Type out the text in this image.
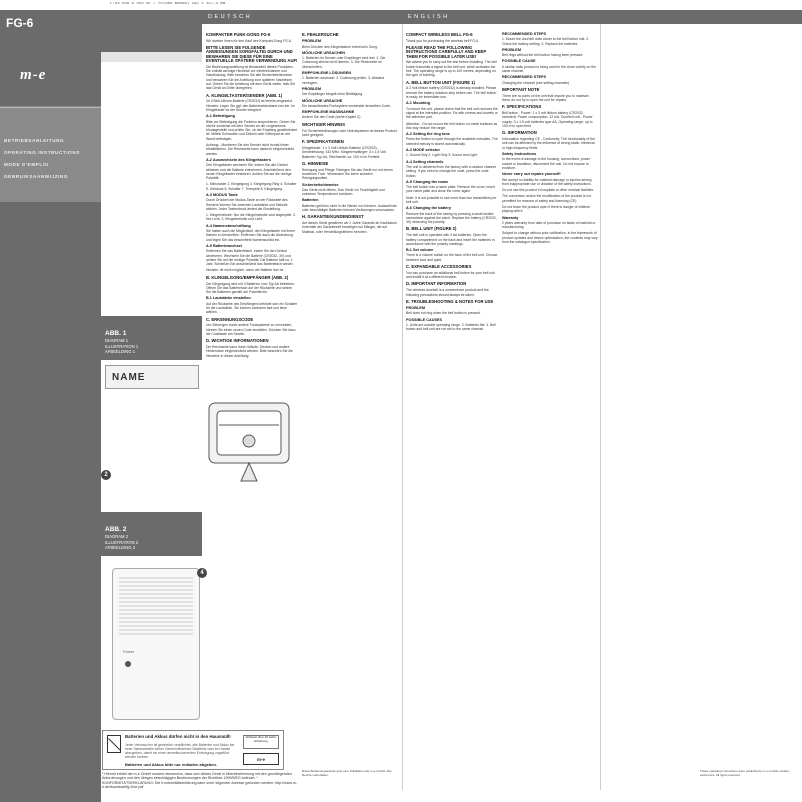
F:03 638 9 450 DE / folded manual 192 x 157,3 mm
FG-6
m-e
BETRIEBSANLEITUNG
OPERATING INSTRUCTIONS
MODE D'EMPLOI
GEBRUIKSAANWIJZING
ABB. 1
DIAGRAM 1
ILLUSTRATION 1
AFBEELDING 1
ABB. 2
DIAGRAM 2
ILLUSTRATION 2
AFBEELDING 2
NAME
2
Power
4
Batterien und Akkus dürfen nicht in den Hausmüll!
Jeder Verbraucher ist gesetzlich verpflichtet, alle Batterien und Akkus bei einer Sammelstelle seiner Gemeinde/seines Stadtteils oder im Handel abzugeben, damit sie einer umweltschonenden Entsorgung zugeführt werden können.
Batterien und Akkus bitte nur entladen abgeben.
Weltweit über 20 Jahre Erfahrung
m-e
* Hiermit erklärt die m-e GmbH modern-electronics, dass sich dieses Gerät in Übereinstimmung mit den grundlegenden Anforderungen und den übrigen einschlägigen Bestimmungen der Richtlinie 1999/5/EG befindet. * KONFORMITÄTSERKLÄRUNG: Die Konformitätserklärung kann unter folgender Adresse gefunden werden: http://www.m-e.de/download/fg-6/ce.pdf
DEUTSCH	ENGLISH
KOMPAKTER FUNK-GONG FG-6

Wir danken Ihnen für den Kauf des Kompakt-Gong FG-6.

BITTE LESEN SIE FOLGENDE ANWEISUNGEN SORGFÄLTIG DURCH UND BEWAHREN SIE DIESE FÜR EINE EVENTUELLE SPÄTERE VERWENDUNG AUF!

Die Bedienungsanleitung ist Bestandteil dieses Produktes. Sie enthält wichtige Hinweise zur Inbetriebnahme und Handhabung. Bitte beachten Sie alle Sicherheitshinweise und bewahren Sie die Anleitung zum späteren Nachlesen auf. Geben Sie die Anleitung mit dem Gerät weiter, falls Sie das Gerät an Dritte übergeben.

A. KLINGELTASTER/SENDER (ABB. 1)

Im 3 Bett-Lithium-Batterie (CR2032) ist bereits eingesetzt. Hinweis: Legen Sie ggf. den Batteriewiderstand neu ein. Im Klingeltaster ist der Sender integriert.

A.1 Befestigung

Bitte vor Befestigung die Funktion ausprobieren. Gehen Sie hierfür zunächst mit dem Sender an die vorgesehene Montagestelle und prüfen Sie, ob der Empfang gewährleistet ist. Mittels Schrauben und Dübeln oder Klebepad an der Wand befestigen.

Achtung - Montieren Sie den Sender nicht frontal hinter Metallflächen. Die Reichweite kann dadurch eingeschränkt werden.

A.2 Auswechseln des Klingeltasters

Den Klingeltaster wechseln Sie, indem Sie den Deckel abheben und die Batterie entnehmen. Anschließend den neuen Klingeltaster einsetzen. Achten Sie auf die richtige Polarität.

1. Mikrotaster 2. Klingelgong 3. Klingelgong Ring 4. Schalter 5. Gehäuse 6. Schalter 7. Trompete 8. Klingelgong

A.3 MODUS Taste

Durch Drücken der Modus-Taste an der Rückseite des Senders können Sie zwischen Lautstärke und Melodie wählen. Jeder Tastendruck ändert die Einstellung.

1. Klingelmelodie: Nur die Klingelmelodie wird abgespielt. 2. Nur Licht. 3. Klingelmelodie und Licht.

A.4 Namensbeschriftung

Sie haben auch die Möglichkeit, den Klingeltaster mit Ihrem Namen zu beschriften. Entfernen Sie dazu die Abdeckung und legen Sie das beschriftete Namensschild ein.

A.5 Batteriewechsel

Entfernen Sie das Batteriefach, indem Sie den Deckel abnehmen. Wechseln Sie die Batterie (CR2032, 3V) und achten Sie auf die richtige Polarität. Die Batterie hält ca. 1 Jahr. Schließen Sie anschließend das Batteriefach wieder.

Hinweis: Ist nicht möglich, wenn die Batterie leer ist.

B. KLINGELGONG/EMPFÄNGER (ABB. 2)

Der Klingelgong wird mit 3 Batterien vom Typ AA betrieben. Öffnen Sie das Batteriefach auf der Rückseite und setzen Sie die Batterien gemäß der Polarität ein.

B.1 Lautstärke einstellen

Auf der Rückseite des Empfängers befindet sich ein Schalter für die Lautstärke. Sie können zwischen laut und leise wählen.

C. ERKENNUNGSCODE

Um Störungen durch andere Funksysteme zu vermeiden, können Sie einen neuen Code einstellen. Drücken Sie dazu die Codetaste am Sender.

D. WICHTIGE INFORMATIONEN

Die Reichweite kann durch Wände, Decken und andere Hindernisse eingeschränkt werden. Bitte beachten Sie die Hinweise in dieser Anleitung.

E. FEHLERSUCHE
PROBLEM

Beim Drücken des Klingeltasters ertönt kein Gong.

MÖGLICHE URSACHEN

1. Batterien im Sender oder Empfänger sind leer. 2. Die Codierung stimmt nicht überein. 3. Die Reichweite ist überschritten.

EMPFOHLENE LÖSUNGEN

1. Batterien wechseln. 2. Codierung prüfen. 3. Abstand verringern.

PROBLEM

Der Empfänger klingelt ohne Betätigung.

MÖGLICHE URSACHE

Ein benachbartes Funksystem verwendet denselben Code.

EMPFOHLENE MASSNAHME

Ändern Sie den Code (siehe Kapitel C).

WICHTIGER HINWEIS

Für Sicherheitslösungen oder Notrufsysteme ist dieses Produkt nicht geeignet.

F. SPEZIFIKATIONEN

Klingeltaster: 1 x 3 Volt Lithium Batterie (CR2032), Sendeleistung: 433 MHz. Klingelempfänger: 3 x 1,5 Volt Batterien Typ AA, Reichweite: ca. 100 m im Freifeld.

G. HINWEISE

Reinigung und Pflege: Reinigen Sie das Gerät nur mit einem trockenen Tuch. Verwenden Sie keine scharfen Reinigungsmittel.

Sicherheitshinweise

Das Gerät nicht öffnen. Das Gerät vor Feuchtigkeit und extremen Temperaturen schützen.

Batterien

Batterien gehören nicht in die Hände von Kindern. Auslaufende oder beschädigte Batterien können Verätzungen verursachen.

H. GARANTIE/KUNDENDIENST

Auf dieses Gerät gewähren wir 2 Jahre Garantie ab Kaufdatum. Innerhalb der Garantiezeit beseitigen wir Mängel, die auf Material- oder Herstellungsfehlern beruhen.

COMPACT WIRELESS BELL FG-6

Thank you for purchasing the wireless bell FG-6.

PLEASE READ THE FOLLOWING INSTRUCTIONS CAREFULLY AND KEEP THEM FOR POSSIBLE LATER USE!

We advise you to carry out the test before installing. The bell button transmits a signal to the bell unit, which activates the bell. The operating range is up to 100 metres, depending on the type of building.

A. BELL BUTTON UNIT (FIGURE 1)

A 3 Volt lithium battery (CR2032) is already installed. Please remove the battery isolation strip before use. The bell button is ready for immediate use.

A.1 Mounting

To mount the unit, please check that the bell unit receives the signal at the intended position. Fix with screws and dowels or the adhesive pad.

Attention - Do not mount the bell button on metal surfaces as this may reduce the range.

A.2 Setting the ring tone

Press the button to cycle through the available melodies. The selected melody is stored automatically.

A.3 MODE selector

1. Sound Only 2. Light Only 3. Sound and Light.

A.4 Setting channels

The unit is delivered from the factory with a random channel setting. If you need to change the code, press the code button.

A.5 Changing the name

The bell button has a name plate. Remove the cover, insert your name plate and close the cover again.

Note: It is not possible to use more than two transmitters per bell unit.

A.6 Changing the battery

Remove the back of the casing by pressing a small slotted screwdriver against the catch. Replace the battery (CR2032, 3V) observing the polarity.

B. BELL UNIT (FIGURE 2)

The bell unit is operated with 3 AA batteries. Open the battery compartment on the back and insert the batteries in accordance with the polarity markings.

B.1 Set volume

There is a volume switch on the back of the bell unit. Choose between loud and quiet.

C. EXPANDABLE ACCESSORIES

You can purchase an additional bell button for your bell unit and install it at a different location.

D. IMPORTANT INFORMATION

The wireless doorbell is a convenience product and the following precautions should always be taken.

E. TROUBLESHOOTING & NOTES FOR USE
PROBLEM

Bell does not ring when the bell button is pressed.

POSSIBLE CAUSES

1. Units are outside operating range. 2. Batteries flat. 3. Bell button and bell unit are not set to the same channel.

RECOMMENDED STEPS

1. Mount the doorbell units closer to the bell button unit. 2. Check the battery setting. 3. Replace the batteries.

PROBLEM

Bell rings without the bell button having been pressed.

POSSIBLE CAUSE

A similar radio product is being used in the close vicinity on the same channel.

RECOMMENDED STEPS

Changing the channel (see setting channels).

IMPORTANT NOTE

There are no parts on the unit that require you to maintain them; do not try to open the unit for repairs.

F. SPECIFICATIONS

Bell button - Power: 1 x 3 volt lithium battery (CR2032, included). Power consumption: 12 mA. Doorbell unit - Power supply: 3 x 1.5 volt batteries type AA. Operating range: up to 100 m in open field.

G. INFORMATION

Information regarding CE - Conformity. The functionality of the unit can be affected by the influence of strong static, electrical or high-frequency fields.

Safety instructions

In the event of damage to the housing, connections, power socket or insulation, disconnect the unit. Do not expose to moisture.

Never carry out repairs yourself!

We accept no liability for material damage or injuries arising from inappropriate use or violation of the safety instructions.

Do not use this product in hospitals or other medical facilities.

The conversion and/or the modification of the product is not permitted for reasons of safety and licensing (CE).

Do not leave the product open if there is danger of children playing with it.

Warranty

2 years warranty from date of purchase on faults of material or manufacturing.

Subject to change without prior notification. In the framework of product updates and device optimisation, the contents may vary from the catalogue specification.

Diese Bedienungsanleitung ist eine Publikation der m-e GmbH. Alle Rechte vorbehalten.
These operating instructions were published by m-e GmbH modern-electronics. All rights reserved.
